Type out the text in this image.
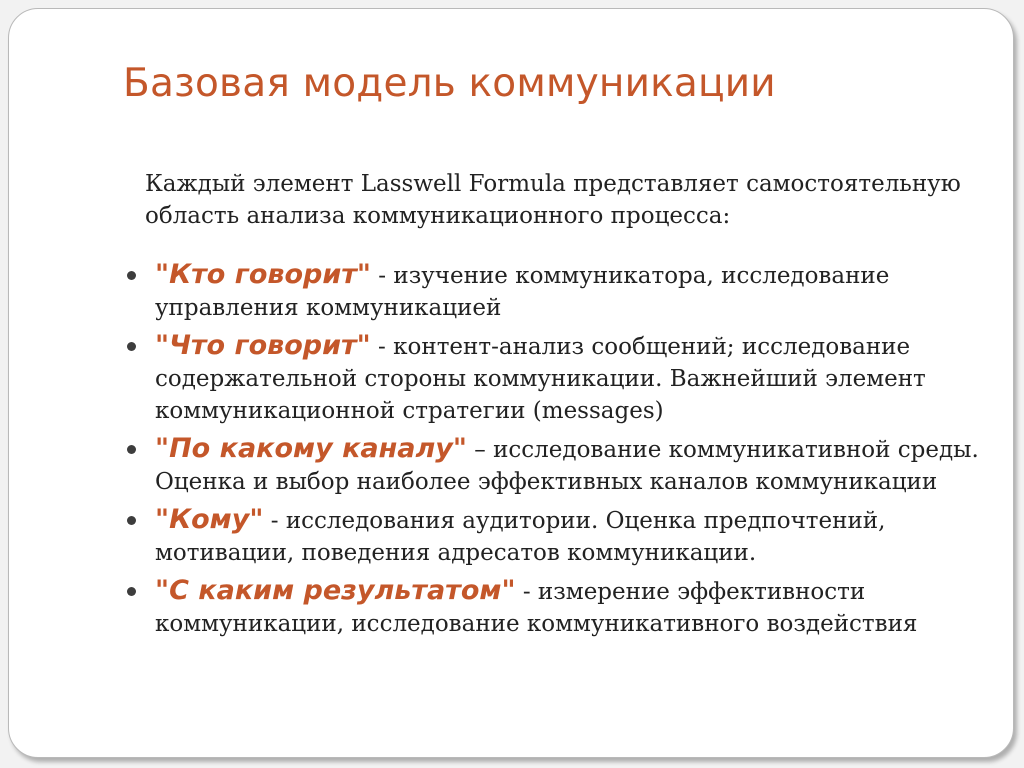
Базовая модель коммуникации

Каждый элемент Lasswell Formula представляет самостоятельную область анализа коммуникационного процесса:

"Кто говорит" - изучение коммуникатора, исследование управления коммуникацией
"Что говорит" - контент-анализ сообщений; исследование содержательной стороны коммуникации. Важнейший элемент коммуникационной стратегии (messages)
"По какому каналу" – исследование коммуникативной среды. Оценка и выбор наиболее эффективных каналов коммуникации
"Кому" - исследования аудитории. Оценка предпочтений, мотивации, поведения адресатов коммуникации.
"С каким результатом" - измерение эффективности коммуникации, исследование коммуникативного воздействия
